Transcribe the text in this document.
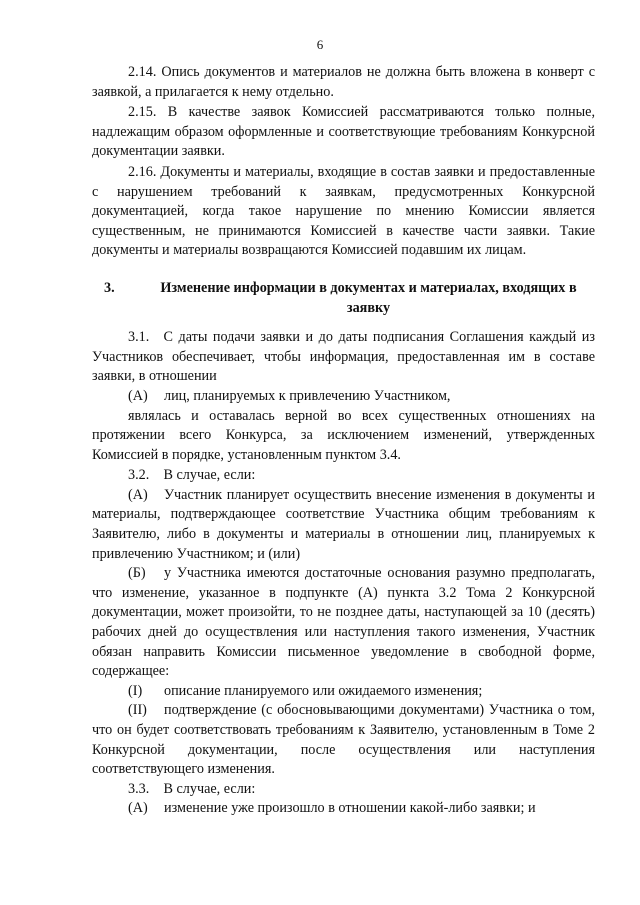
6

2.14. Опись документов и материалов не должна быть вложена в конверт с заявкой, а прилагается к нему отдельно.

2.15. В качестве заявок Комиссией рассматриваются только полные, надлежащим образом оформленные и соответствующие требованиям Конкурсной документации заявки.

2.16. Документы и материалы, входящие в состав заявки и предоставленные с нарушением требований к заявкам, предусмотренных Конкурсной документацией, когда такое нарушение по мнению Комиссии является существенным, не принимаются Комиссией в качестве части заявки. Такие документы и материалы возвращаются Комиссией подавшим их лицам.

3.	Изменение информации в документах и материалах, входящих в заявку

3.1. С даты подачи заявки и до даты подписания Соглашения каждый из Участников обеспечивает, чтобы информация, предоставленная им в составе заявки, в отношении

(А)	лиц, планируемых к привлечению Участником,

являлась и оставалась верной во всех существенных отношениях на протяжении всего Конкурса, за исключением изменений, утвержденных Комиссией в порядке, установленным пунктом 3.4.

3.2. В случае, если:

(А) Участник планирует осуществить внесение изменения в документы и материалы, подтверждающее соответствие Участника общим требованиям к Заявителю, либо в документы и материалы в отношении лиц, планируемых к привлечению Участником; и (или)

(Б) у Участника имеются достаточные основания разумно предполагать, что изменение, указанное в подпункте (А) пункта 3.2 Тома 2 Конкурсной документации, может произойти, то не позднее даты, наступающей за 10 (десять) рабочих дней до осуществления или наступления такого изменения, Участник обязан направить Комиссии письменное уведомление в свободной форме, содержащее:

(I)	описание планируемого или ожидаемого изменения;

(II) подтверждение (с обосновывающими документами) Участника о том, что он будет соответствовать требованиям к Заявителю, установленным в Томе 2 Конкурсной документации, после осуществления или наступления соответствующего изменения.

3.3. В случае, если:

(А)	изменение уже произошло в отношении какой-либо заявки; и
